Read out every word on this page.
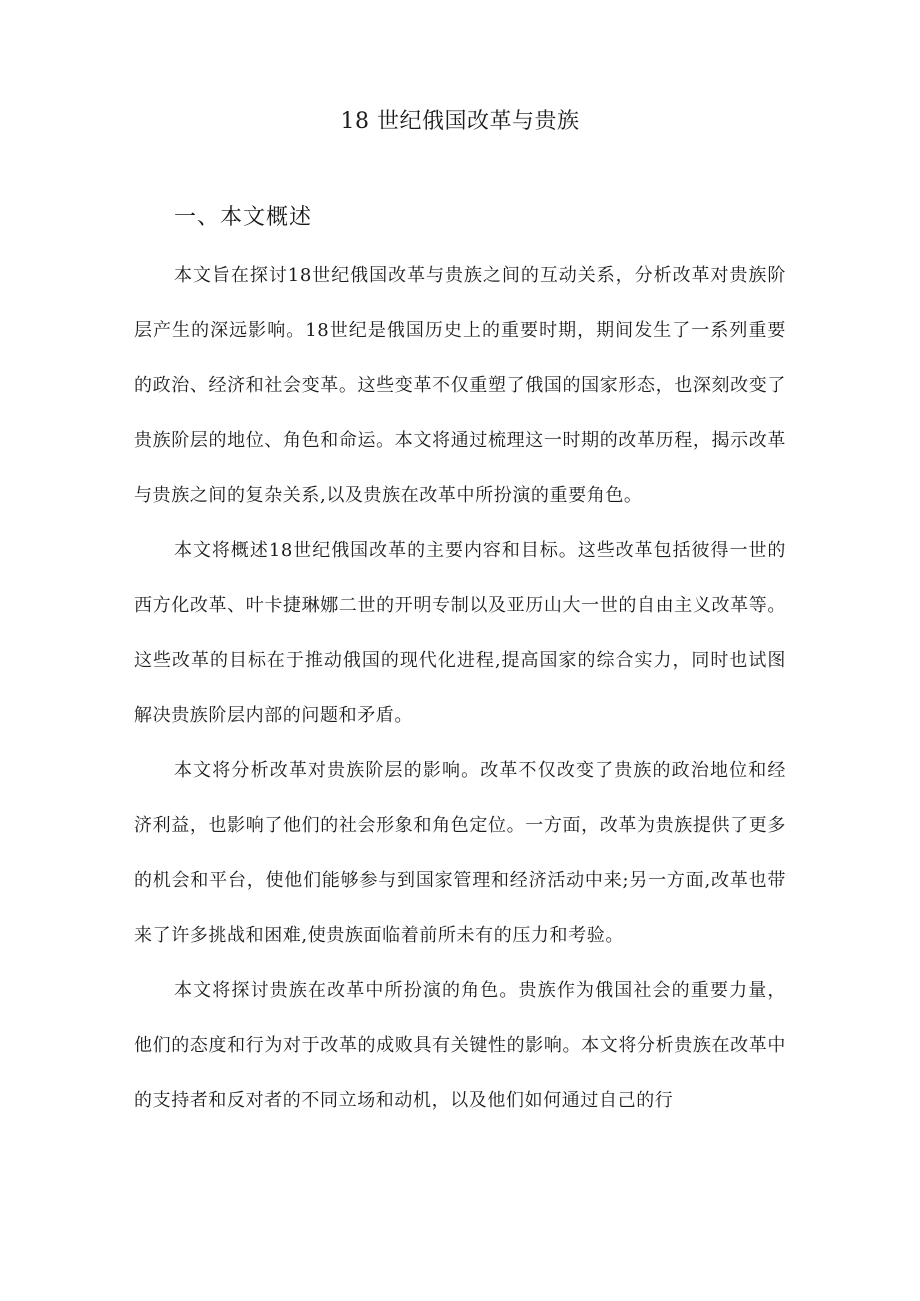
18 世纪俄国改革与贵族
一、本文概述

本文旨在探讨18世纪俄国改革与贵族之间的互动关系，分析改革对贵族阶层产生的深远影响。18世纪是俄国历史上的重要时期，期间发生了一系列重要的政治、经济和社会变革。这些变革不仅重塑了俄国的国家形态，也深刻改变了贵族阶层的地位、角色和命运。本文将通过梳理这一时期的改革历程，揭示改革与贵族之间的复杂关系,以及贵族在改革中所扮演的重要角色。

本文将概述18世纪俄国改革的主要内容和目标。这些改革包括彼得一世的西方化改革、叶卡捷琳娜二世的开明专制以及亚历山大一世的自由主义改革等。这些改革的目标在于推动俄国的现代化进程,提高国家的综合实力，同时也试图解决贵族阶层内部的问题和矛盾。

本文将分析改革对贵族阶层的影响。改革不仅改变了贵族的政治地位和经济利益，也影响了他们的社会形象和角色定位。一方面，改革为贵族提供了更多的机会和平台，使他们能够参与到国家管理和经济活动中来;另一方面,改革也带来了许多挑战和困难,使贵族面临着前所未有的压力和考验。

本文将探讨贵族在改革中所扮演的角色。贵族作为俄国社会的重要力量，他们的态度和行为对于改革的成败具有关键性的影响。本文将分析贵族在改革中的支持者和反对者的不同立场和动机，以及他们如何通过自己的行
